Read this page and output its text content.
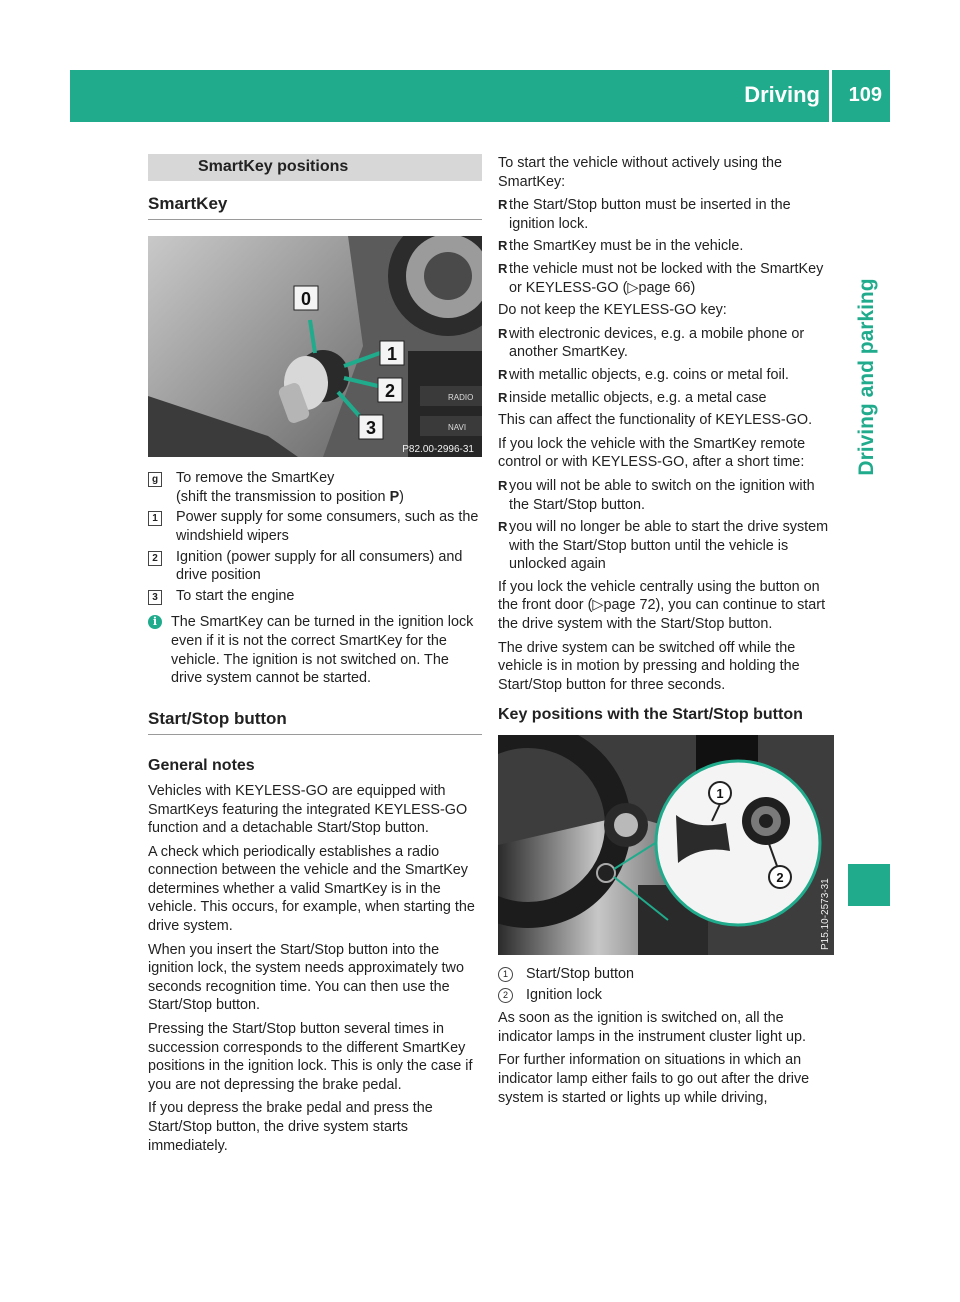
Driving 109
Driving and parking

SmartKey positions

SmartKey
RADIO
NAVI
0
1
2
3
P82.00-2996-31
g To remove the SmartKey
(shift the transmission to position P)
1 Power supply for some consumers, such as the windshield wipers
2 Ignition (power supply for all consumers) and drive position
3 To start the engine
i The SmartKey can be turned in the ignition lock even if it is not the correct SmartKey for the vehicle. The ignition is not switched on. The drive system cannot be started.
Start/Stop button
General notes

Vehicles with KEYLESS-GO are equipped with SmartKeys featuring the integrated KEYLESS-GO function and a detachable Start/Stop button.

A check which periodically establishes a radio connection between the vehicle and the SmartKey determines whether a valid SmartKey is in the vehicle. This occurs, for example, when starting the drive system.

When you insert the Start/Stop button into the ignition lock, the system needs approximately two seconds recognition time. You can then use the Start/Stop button.

Pressing the Start/Stop button several times in succession corresponds to the different SmartKey positions in the ignition lock. This is only the case if you are not depressing the brake pedal.

If you depress the brake pedal and press the Start/Stop button, the drive system starts immediately.

To start the vehicle without actively using the SmartKey:

R the Start/Stop button must be inserted in the ignition lock.
R the SmartKey must be in the vehicle.
R the vehicle must not be locked with the SmartKey or KEYLESS-GO (▷page 66)

Do not keep the KEYLESS-GO key:

R with electronic devices, e.g. a mobile phone or another SmartKey.
R with metallic objects, e.g. coins or metal foil.
R inside metallic objects, e.g. a metal case

This can affect the functionality of KEYLESS-GO.

If you lock the vehicle with the SmartKey remote control or with KEYLESS-GO, after a short time:

R you will not be able to switch on the ignition with the Start/Stop button.
R you will no longer be able to start the drive system with the Start/Stop button until the vehicle is unlocked again

If you lock the vehicle centrally using the button on the front door (▷page 72), you can continue to start the drive system with the Start/Stop button.

The drive system can be switched off while the vehicle is in motion by pressing and holding the Start/Stop button for three seconds.

Key positions with the Start/Stop button
1
2
P15.10-2573-31
1	Start/Stop button
2	Ignition lock

As soon as the ignition is switched on, all the indicator lamps in the instrument cluster light up.

For further information on situations in which an indicator lamp either fails to go out after the drive system is started or lights up while driving,
